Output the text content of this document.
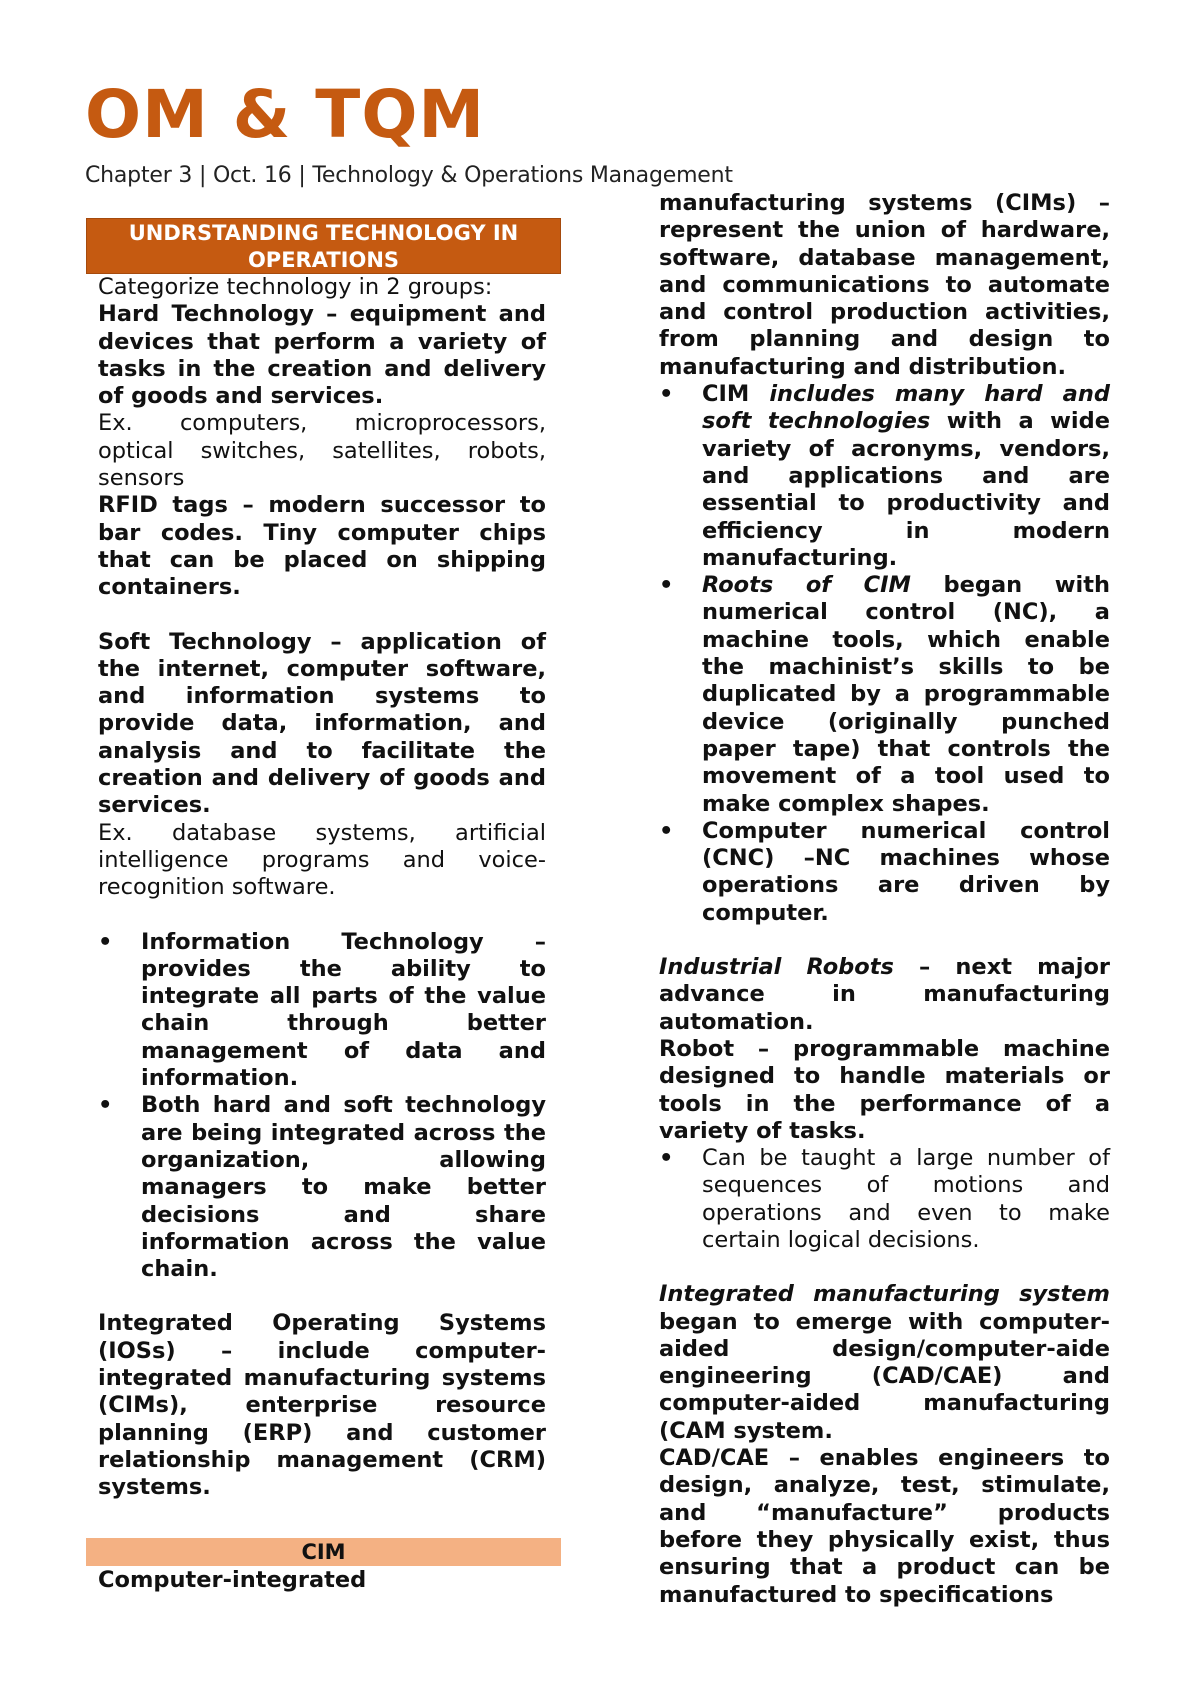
OM & TQM
Chapter 3 | Oct. 16 | Technology & Operations Management
UNDRSTANDING TECHNOLOGY IN OPERATIONS
CIM

Categorize technology in 2 groups:

Hard Technology – equipment and devices that perform a variety of tasks in the creation and delivery of goods and services.

Ex. computers, microprocessors, optical switches, satellites, robots, sensors

RFID tags – modern successor to bar codes. Tiny computer chips that can be placed on shipping containers.

Soft Technology – application of the internet, computer software, and information systems to provide data, information, and analysis and to facilitate the creation and delivery of goods and services.

Ex. database systems, artificial intelligence programs and voice-recognition software.

• Information Technology – provides the ability to integrate all parts of the value chain through better management of data and information.
• Both hard and soft technology are being integrated across the organization, allowing managers to make better decisions and share information across the value chain.

Integrated Operating Systems (IOSs) – include computer-integrated manufacturing systems (CIMs), enterprise resource planning (ERP) and customer relationship management (CRM) systems.

Computer-integrated

manufacturing systems (CIMs) – represent the union of hardware, software, database management, and communications to automate and control production activities, from planning and design to manufacturing and distribution.

• CIM includes many hard and soft technologies with a wide variety of acronyms, vendors, and applications and are essential to productivity and efficiency in modern manufacturing.
• Roots of CIM began with numerical control (NC), a machine tools, which enable the machinist’s skills to be duplicated by a programmable device (originally punched paper tape) that controls the movement of a tool used to make complex shapes.
• Computer numerical control (CNC) –NC machines whose operations are driven by computer.

Industrial Robots – next major advance in manufacturing automation.

Robot – programmable machine designed to handle materials or tools in the performance of a variety of tasks.

• Can be taught a large number of sequences of motions and operations and even to make certain logical decisions.

Integrated manufacturing system began to emerge with computer-aided design/computer-aide engineering (CAD/CAE) and computer-aided manufacturing (CAM system.

CAD/CAE – enables engineers to design, analyze, test, stimulate, and “manufacture” products before they physically exist, thus ensuring that a product can be manufactured to specifications
